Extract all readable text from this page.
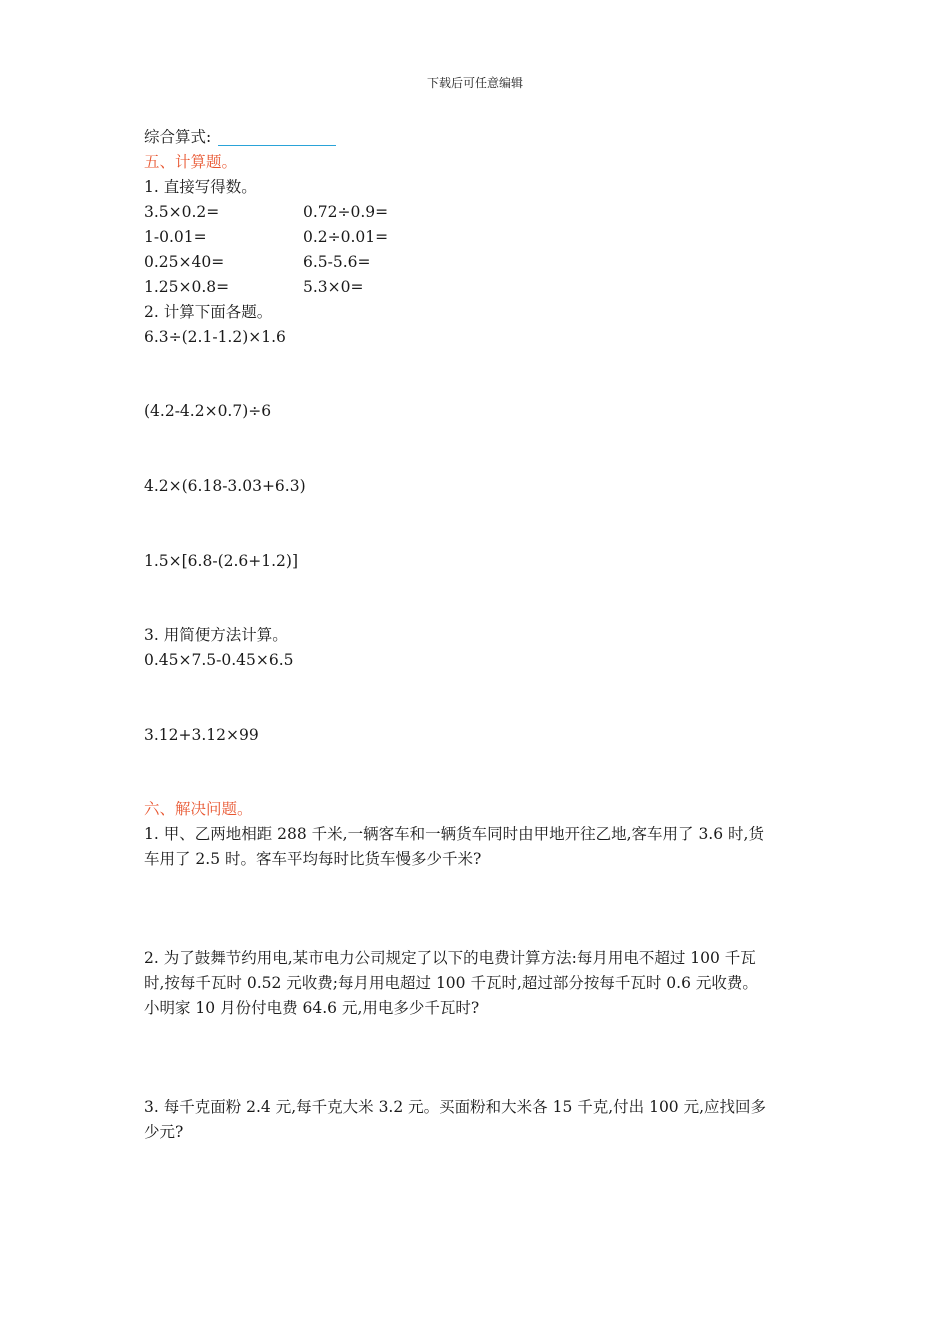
下载后可任意编辑
综合算式:
五、计算题。
1. 直接写得数。
3.5×0.2=	0.72÷0.9=
1-0.01=	0.2÷0.01=
0.25×40=	6.5-5.6=
1.25×0.8=	5.3×0=
2. 计算下面各题。
6.3÷(2.1-1.2)×1.6
(4.2-4.2×0.7)÷6
4.2×(6.18-3.03+6.3)
1.5×[6.8-(2.6+1.2)]
3. 用简便方法计算。
0.45×7.5-0.45×6.5
3.12+3.12×99
六、解决问题。
1. 甲、乙两地相距 288 千米,一辆客车和一辆货车同时由甲地开往乙地,客车用了 3.6 时,货
车用了 2.5 时。客车平均每时比货车慢多少千米?
2. 为了鼓舞节约用电,某市电力公司规定了以下的电费计算方法:每月用电不超过 100 千瓦
时,按每千瓦时 0.52 元收费;每月用电超过 100 千瓦时,超过部分按每千瓦时 0.6 元收费。
小明家 10 月份付电费 64.6 元,用电多少千瓦时?
3. 每千克面粉 2.4 元,每千克大米 3.2 元。买面粉和大米各 15 千克,付出 100 元,应找回多
少元?
